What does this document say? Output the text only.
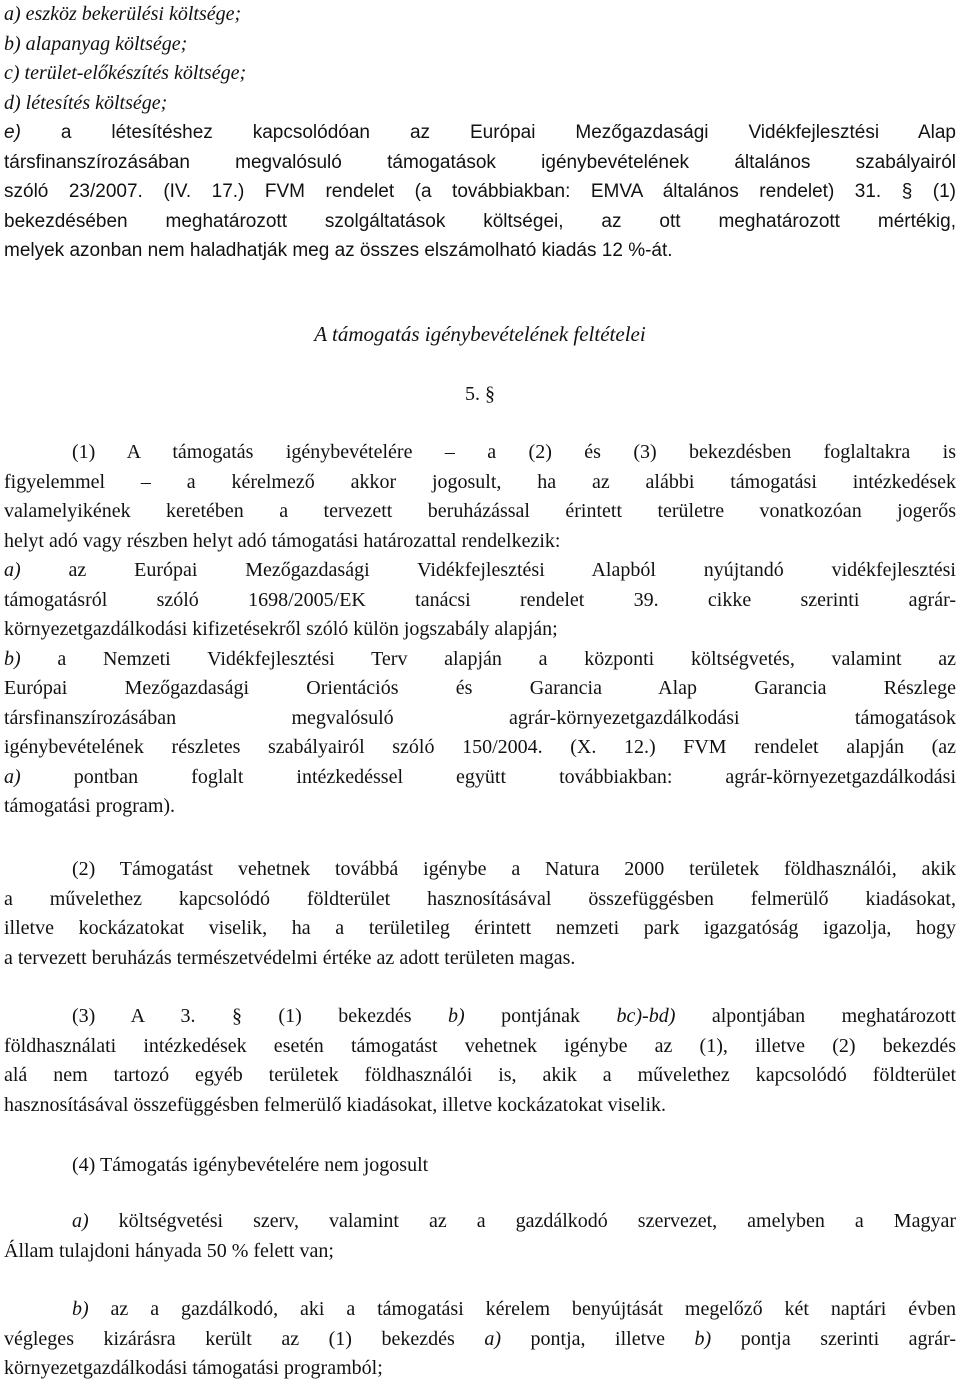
a) eszköz bekerülési költsége;
b) alapanyag költsége;
c) terület-előkészítés költsége;
d) létesítés költsége;
e) a létesítéshez kapcsolódóan az Európai Mezőgazdasági Vidékfejlesztési Alap
társfinanszírozásában megvalósuló támogatások igénybevételének általános szabályairól
szóló 23/2007. (IV. 17.) FVM rendelet (a továbbiakban: EMVA általános rendelet) 31. § (1)
bekezdésében meghatározott szolgáltatások költségei, az ott meghatározott mértékig,
melyek azonban nem haladhatják meg az összes elszámolható kiadás 12 %-át.
A támogatás igénybevételének feltételei
5. §
(1) A támogatás igénybevételére – a (2) és (3) bekezdésben foglaltakra is
figyelemmel – a kérelmező akkor jogosult, ha az alábbi támogatási intézkedések
valamelyikének keretében a tervezett beruházással érintett területre vonatkozóan jogerős
helyt adó vagy részben helyt adó támogatási határozattal rendelkezik:
a) az Európai Mezőgazdasági Vidékfejlesztési Alapból nyújtandó vidékfejlesztési
támogatásról szóló 1698/2005/EK tanácsi rendelet 39. cikke szerinti agrár-
környezetgazdálkodási kifizetésekről szóló külön jogszabály alapján;
b) a Nemzeti Vidékfejlesztési Terv alapján a központi költségvetés, valamint az
Európai Mezőgazdasági Orientációs és Garancia Alap Garancia Részlege
társfinanszírozásában megvalósuló agrár-környezetgazdálkodási támogatások
igénybevételének részletes szabályairól szóló 150/2004. (X. 12.) FVM rendelet alapján (az
a) pontban foglalt intézkedéssel együtt továbbiakban: agrár-környezetgazdálkodási
támogatási program).
(2) Támogatást vehetnek továbbá igénybe a Natura 2000 területek földhasználói, akik
a művelethez kapcsolódó földterület hasznosításával összefüggésben felmerülő kiadásokat,
illetve kockázatokat viselik, ha a területileg érintett nemzeti park igazgatóság igazolja, hogy
a tervezett beruházás természetvédelmi értéke az adott területen magas.
(3) A 3. § (1) bekezdés b) pontjának bc)-bd) alpontjában meghatározott
földhasználati intézkedések esetén támogatást vehetnek igénybe az (1), illetve (2) bekezdés
alá nem tartozó egyéb területek földhasználói is, akik a művelethez kapcsolódó földterület
hasznosításával összefüggésben felmerülő kiadásokat, illetve kockázatokat viselik.
(4) Támogatás igénybevételére nem jogosult
a) költségvetési szerv, valamint az a gazdálkodó szervezet, amelyben a Magyar
Állam tulajdoni hányada 50 % felett van;
b) az a gazdálkodó, aki a támogatási kérelem benyújtását megelőző két naptári évben
végleges kizárásra került az (1) bekezdés a) pontja, illetve b) pontja szerinti agrár-
környezetgazdálkodási támogatási programból;
